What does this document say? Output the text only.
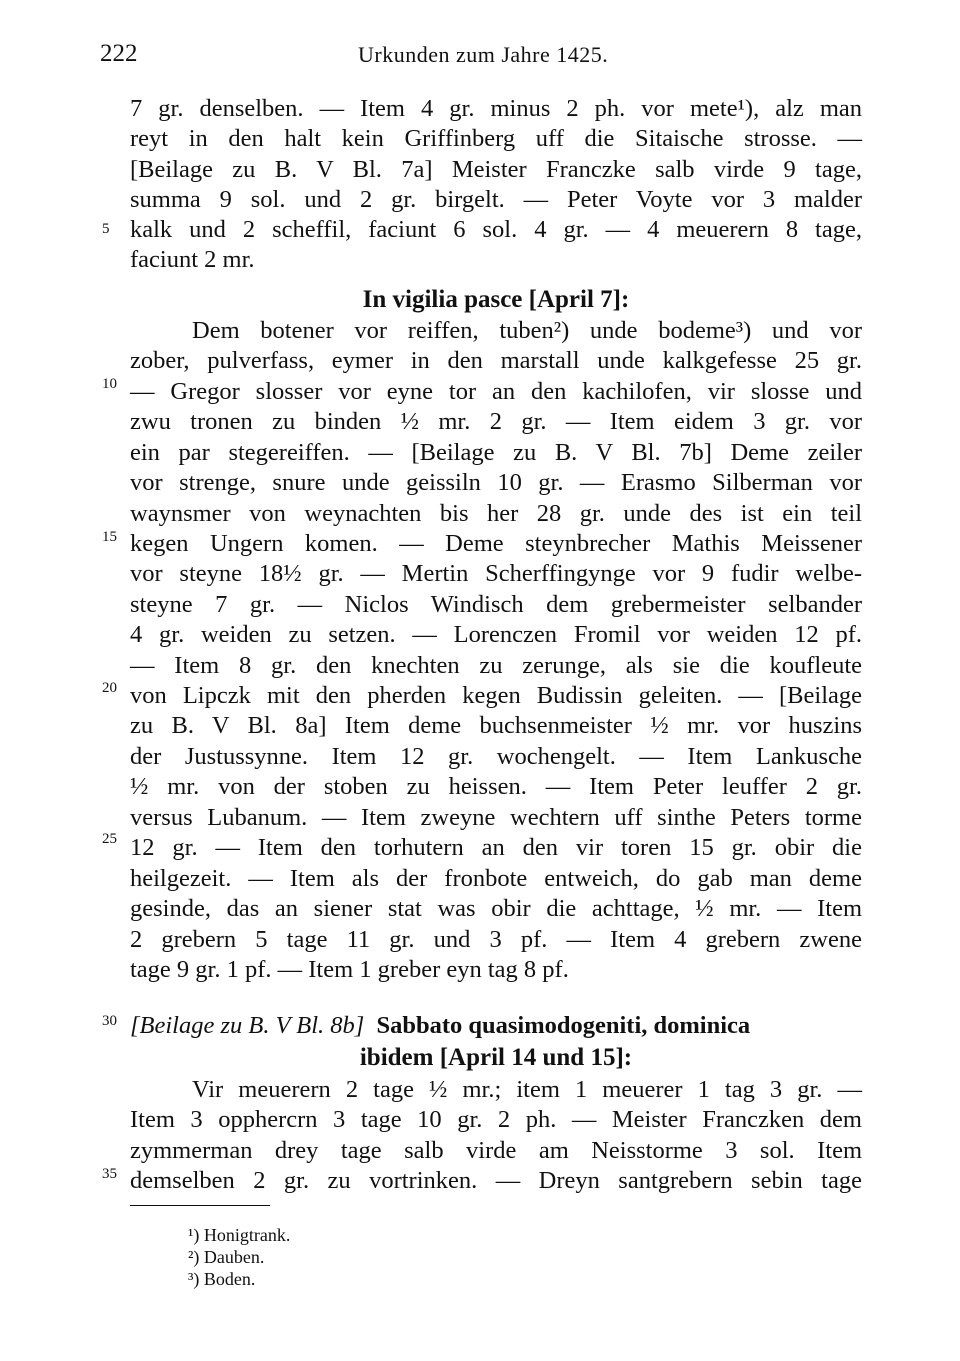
222	Urkunden zum Jahre 1425.
5
10
15
20
25
30
35
7 gr. denselben. — Item 4 gr. minus 2 ph. vor mete¹), alz man
reyt in den halt kein Griffinberg uff die Sitaische strosse. —
[Beilage zu B. V Bl. 7a] Meister Franczke salb virde 9 tage,
summa 9 sol. und 2 gr. birgelt. — Peter Voyte vor 3 malder
kalk und 2 scheffil, faciunt 6 sol. 4 gr. — 4 meuerern 8 tage,
faciunt 2 mr.
In vigilia pasce [April 7]:
Dem botener vor reiffen, tuben²) unde bodeme³) und vor
zober, pulverfass, eymer in den marstall unde kalkgefesse 25 gr.
— Gregor slosser vor eyne tor an den kachilofen, vir slosse und
zwu tronen zu binden ½ mr. 2 gr. — Item eidem 3 gr. vor
ein par stegereiffen. — [Beilage zu B. V Bl. 7b] Deme zeiler
vor strenge, snure unde geissiln 10 gr. — Erasmo Silberman vor
waynsmer von weynachten bis her 28 gr. unde des ist ein teil
kegen Ungern komen. — Deme steynbrecher Mathis Meissener
vor steyne 18½ gr. — Mertin Scherffingynge vor 9 fudir welbe-
steyne 7 gr. — Niclos Windisch dem grebermeister selbander
4 gr. weiden zu setzen. — Lorenczen Fromil vor weiden 12 pf.
— Item 8 gr. den knechten zu zerunge, als sie die koufleute
von Lipczk mit den pherden kegen Budissin geleiten. — [Beilage
zu B. V Bl. 8a] Item deme buchsenmeister ½ mr. vor huszins
der Justussynne. Item 12 gr. wochengelt. — Item Lankusche
½ mr. von der stoben zu heissen. — Item Peter leuffer 2 gr.
versus Lubanum. — Item zweyne wechtern uff sinthe Peters torme
12 gr. — Item den torhutern an den vir toren 15 gr. obir die
heilgezeit. — Item als der fronbote entweich, do gab man deme
gesinde, das an siener stat was obir die achttage, ½ mr. — Item
2 grebern 5 tage 11 gr. und 3 pf. — Item 4 grebern zwene
tage 9 gr. 1 pf. — Item 1 greber eyn tag 8 pf.
[Beilage zu B. V Bl. 8b] Sabbato quasimodogeniti, dominica
ibidem [April 14 und 15]:
Vir meuerern 2 tage ½ mr.; item 1 meuerer 1 tag 3 gr. —
Item 3 opphercrn 3 tage 10 gr. 2 ph. — Meister Franczken dem
zymmerman drey tage salb virde am Neisstorme 3 sol. Item
demselben 2 gr. zu vortrinken. — Dreyn santgrebern sebin tage
¹) Honigtrank.
²) Dauben.
³) Boden.
